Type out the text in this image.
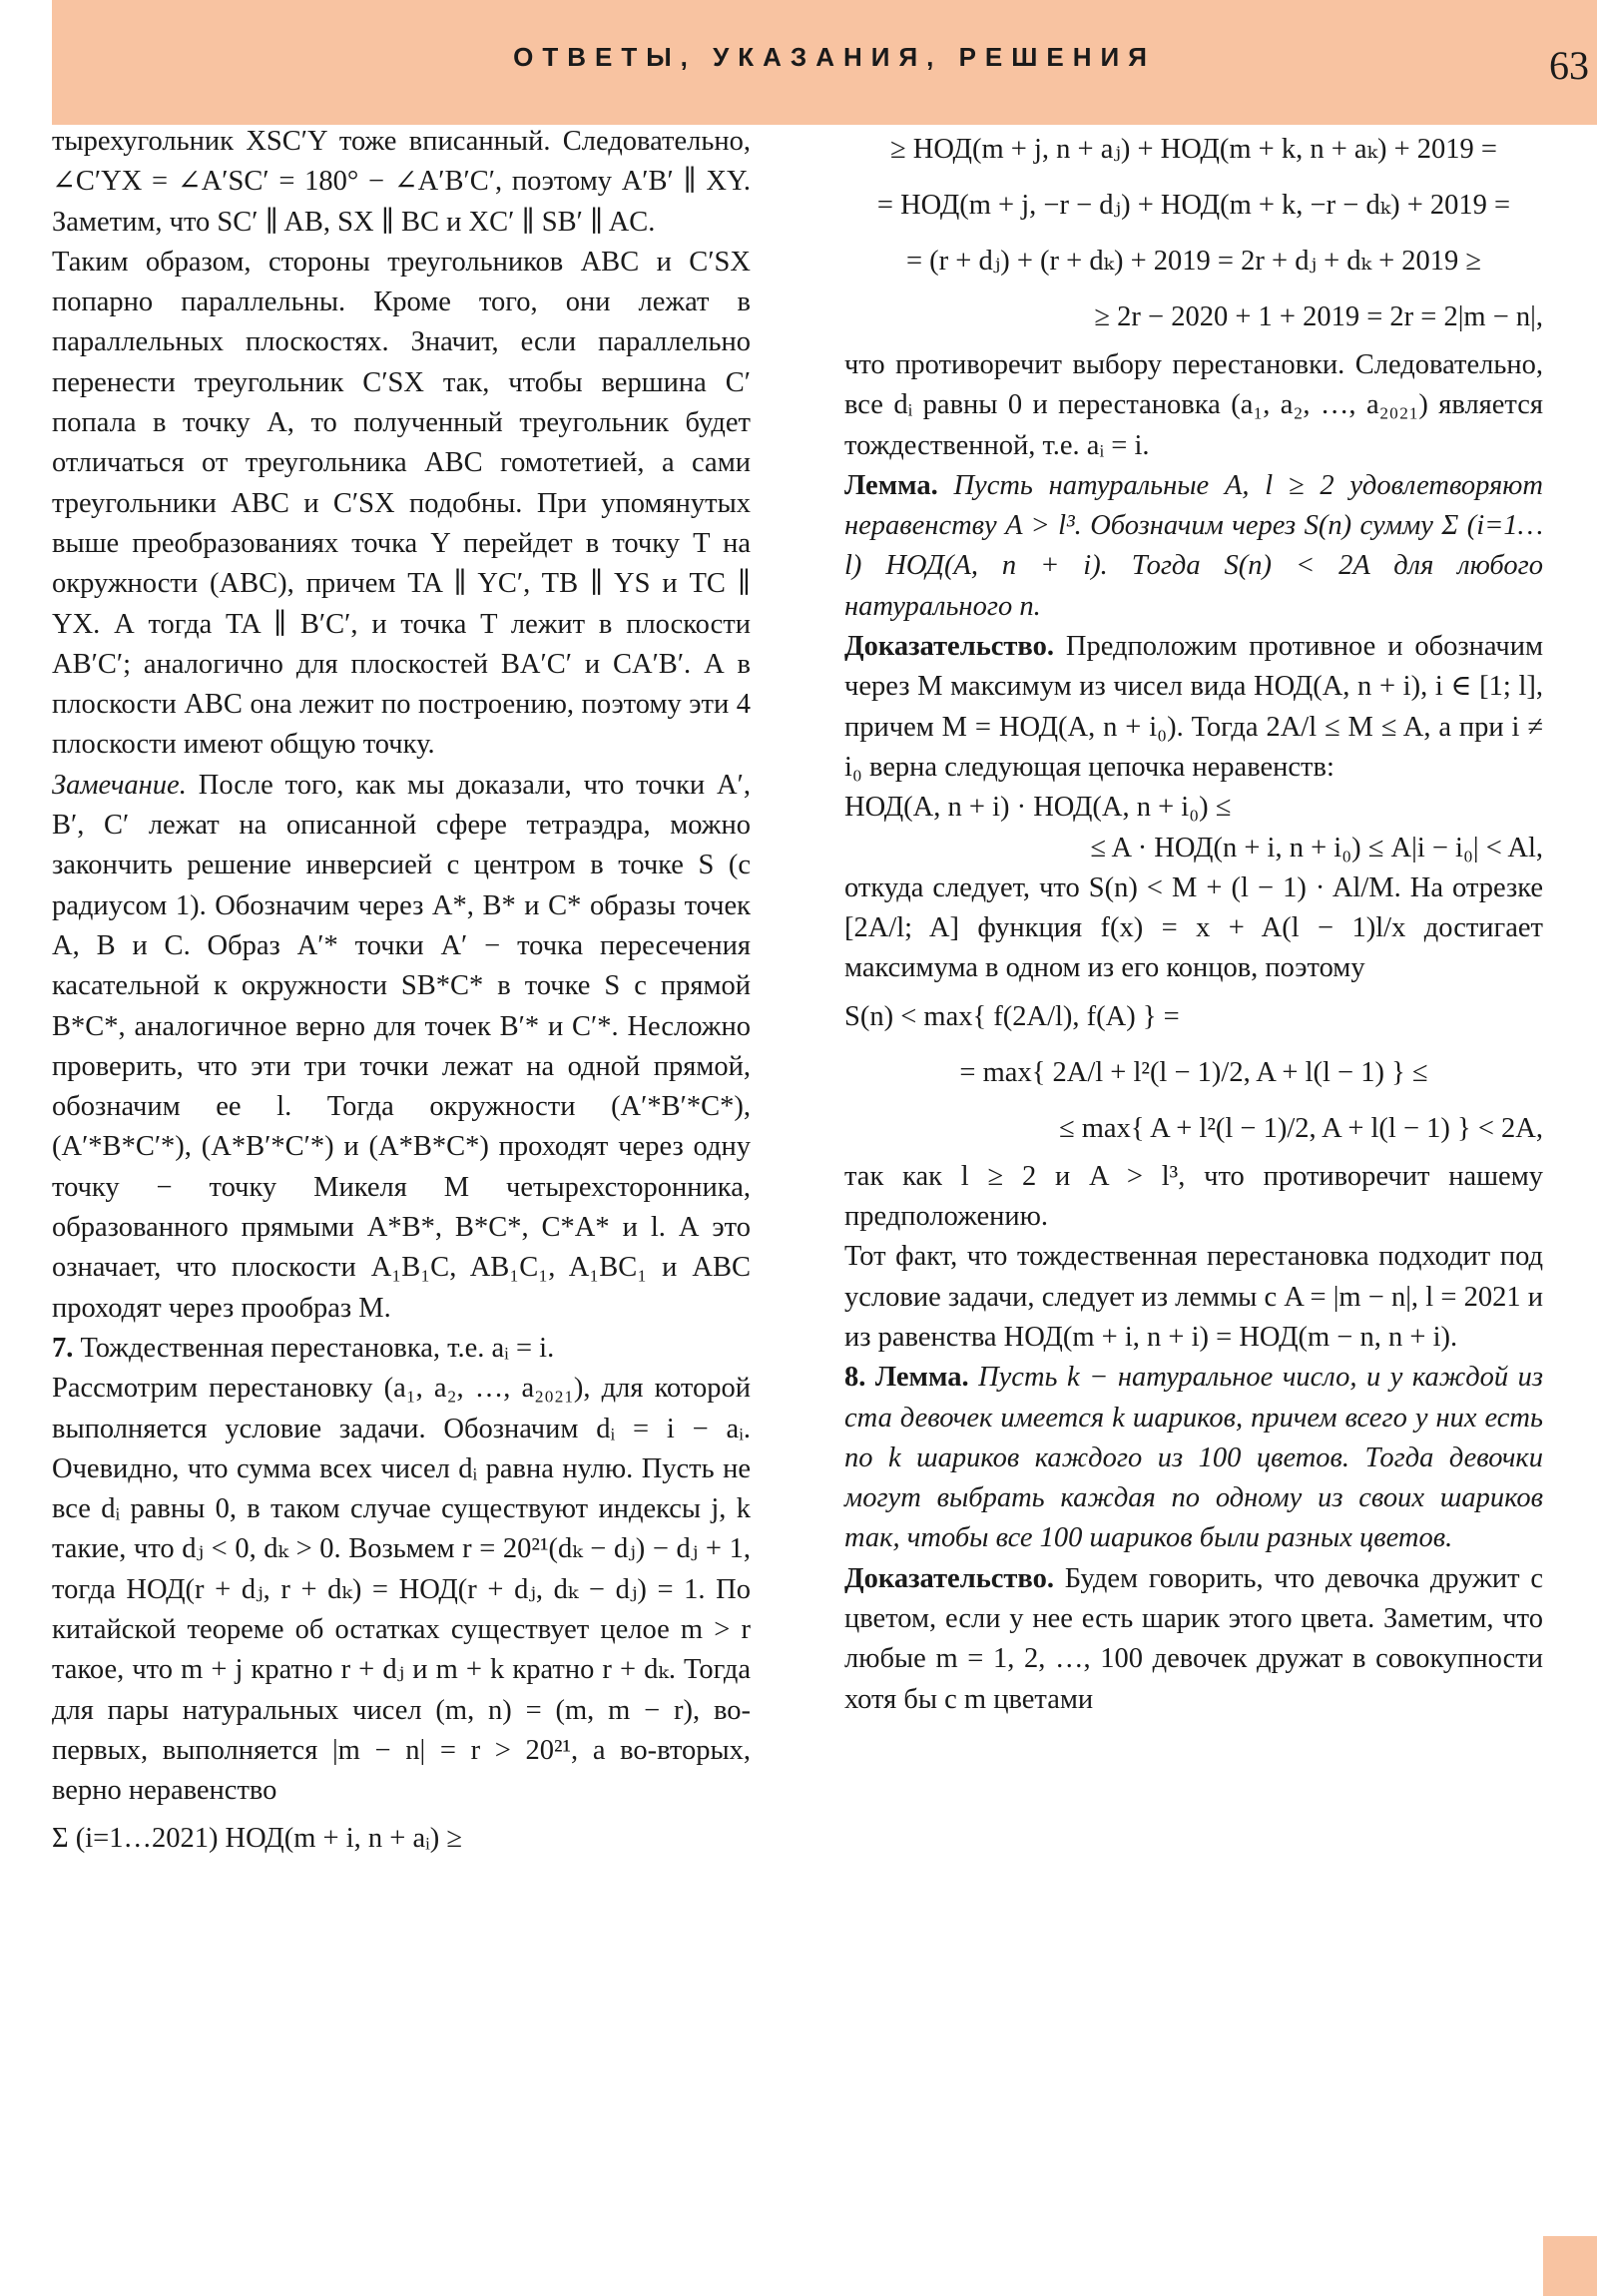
ОТВЕТЫ, УКАЗАНИЯ, РЕШЕНИЯ	63

тырехугольник XSC′Y тоже вписанный. Следовательно, ∠C′YX = ∠A′SC′ = 180° − ∠A′B′C′, поэтому A′B′ ∥ XY. Заметим, что SC′ ∥ AB, SX ∥ BC и XC′ ∥ SB′ ∥ AC.

Таким образом, стороны треугольников ABC и C′SX попарно параллельны. Кроме того, они лежат в параллельных плоскостях. Значит, если параллельно перенести треугольник C′SX так, чтобы вершина C′ попала в точку A, то полученный треугольник будет отличаться от треугольника ABC гомотетией, а сами треугольники ABC и C′SX подобны. При упомянутых выше преобразованиях точка Y перейдет в точку T на окружности (ABC), причем TA ∥ YC′, TB ∥ YS и TC ∥ YX. А тогда TA ∥ B′C′, и точка T лежит в плоскости AB′C′; аналогично для плоскостей BA′C′ и CA′B′. А в плоскости ABC она лежит по построению, поэтому эти 4 плоскости имеют общую точку.

Замечание. После того, как мы доказали, что точки A′, B′, C′ лежат на описанной сфере тетраэдра, можно закончить решение инверсией с центром в точке S (с радиусом 1). Обозначим через A*, B* и C* образы точек A, B и C. Образ A′* точки A′ − точка пересечения касательной к окружности SB*C* в точке S с прямой B*C*, аналогичное верно для точек B′* и C′*. Несложно проверить, что эти три точки лежат на одной прямой, обозначим ее l. Тогда окружности (A′*B′*C*), (A′*B*C′*), (A*B′*C′*) и (A*B*C*) проходят через одну точку − точку Микеля M четырехсторонника, образованного прямыми A*B*, B*C*, C*A* и l. А это означает, что плоскости A₁B₁C, AB₁C₁, A₁BC₁ и ABC проходят через прообраз M.

7. Тождественная перестановка, т.е. aᵢ = i.

Рассмотрим перестановку (a₁, a₂, …, a₂₀₂₁), для которой выполняется условие задачи. Обозначим dᵢ = i − aᵢ. Очевидно, что сумма всех чисел dᵢ равна нулю. Пусть не все dᵢ равны 0, в таком случае существуют индексы j, k такие, что dⱼ < 0, dₖ > 0. Возьмем r = 20²¹(dₖ − dⱼ) − dⱼ + 1, тогда НОД(r + dⱼ, r + dₖ) = НОД(r + dⱼ, dₖ − dⱼ) = 1. По китайской теореме об остатках существует целое m > r такое, что m + j кратно r + dⱼ и m + k кратно r + dₖ. Тогда для пары натуральных чисел (m, n) = (m, m − r), во-первых, выполняется |m − n| = r > 20²¹, а во-вторых, верно неравенство

Σ (i=1…2021) НОД(m + i, n + aᵢ) ≥

≥ НОД(m + j, n + aⱼ) + НОД(m + k, n + aₖ) + 2019 =

= НОД(m + j, −r − dⱼ) + НОД(m + k, −r − dₖ) + 2019 =

= (r + dⱼ) + (r + dₖ) + 2019 = 2r + dⱼ + dₖ + 2019 ≥

≥ 2r − 2020 + 1 + 2019 = 2r = 2|m − n|,

что противоречит выбору перестановки. Следовательно, все dᵢ равны 0 и перестановка (a₁, a₂, …, a₂₀₂₁) является тождественной, т.е. aᵢ = i.

Лемма. Пусть натуральные A, l ≥ 2 удовлетворяют неравенству A > l³. Обозначим через S(n) сумму Σ (i=1…l) НОД(A, n + i). Тогда S(n) < 2A для любого натурального n.

Доказательство. Предположим противное и обозначим через M максимум из чисел вида НОД(A, n + i), i ∈ [1; l], причем M = НОД(A, n + i₀). Тогда 2A/l ≤ M ≤ A, а при i ≠ i₀ верна следующая цепочка неравенств:

НОД(A, n + i) · НОД(A, n + i₀) ≤

≤ A · НОД(n + i, n + i₀) ≤ A|i − i₀| < Al,

откуда следует, что S(n) < M + (l − 1) · Al/M. На отрезке [2A/l; A] функция f(x) = x + A(l − 1)l/x достигает максимума в одном из его концов, поэтому

S(n) < max{ f(2A/l), f(A) } =

= max{ 2A/l + l²(l − 1)/2, A + l(l − 1) } ≤

≤ max{ A + l²(l − 1)/2, A + l(l − 1) } < 2A,

так как l ≥ 2 и A > l³, что противоречит нашему предположению.

Тот факт, что тождественная перестановка подходит под условие задачи, следует из леммы с A = |m − n|, l = 2021 и из равенства НОД(m + i, n + i) = НОД(m − n, n + i).

8. Лемма. Пусть k − натуральное число, и у каждой из ста девочек имеется k шариков, причем всего у них есть по k шариков каждого из 100 цветов. Тогда девочки могут выбрать каждая по одному из своих шариков так, чтобы все 100 шариков были разных цветов.

Доказательство. Будем говорить, что девочка дружит с цветом, если у нее есть шарик этого цвета. Заметим, что любые m = 1, 2, …, 100 девочек дружат в совокупности хотя бы с m цветами
